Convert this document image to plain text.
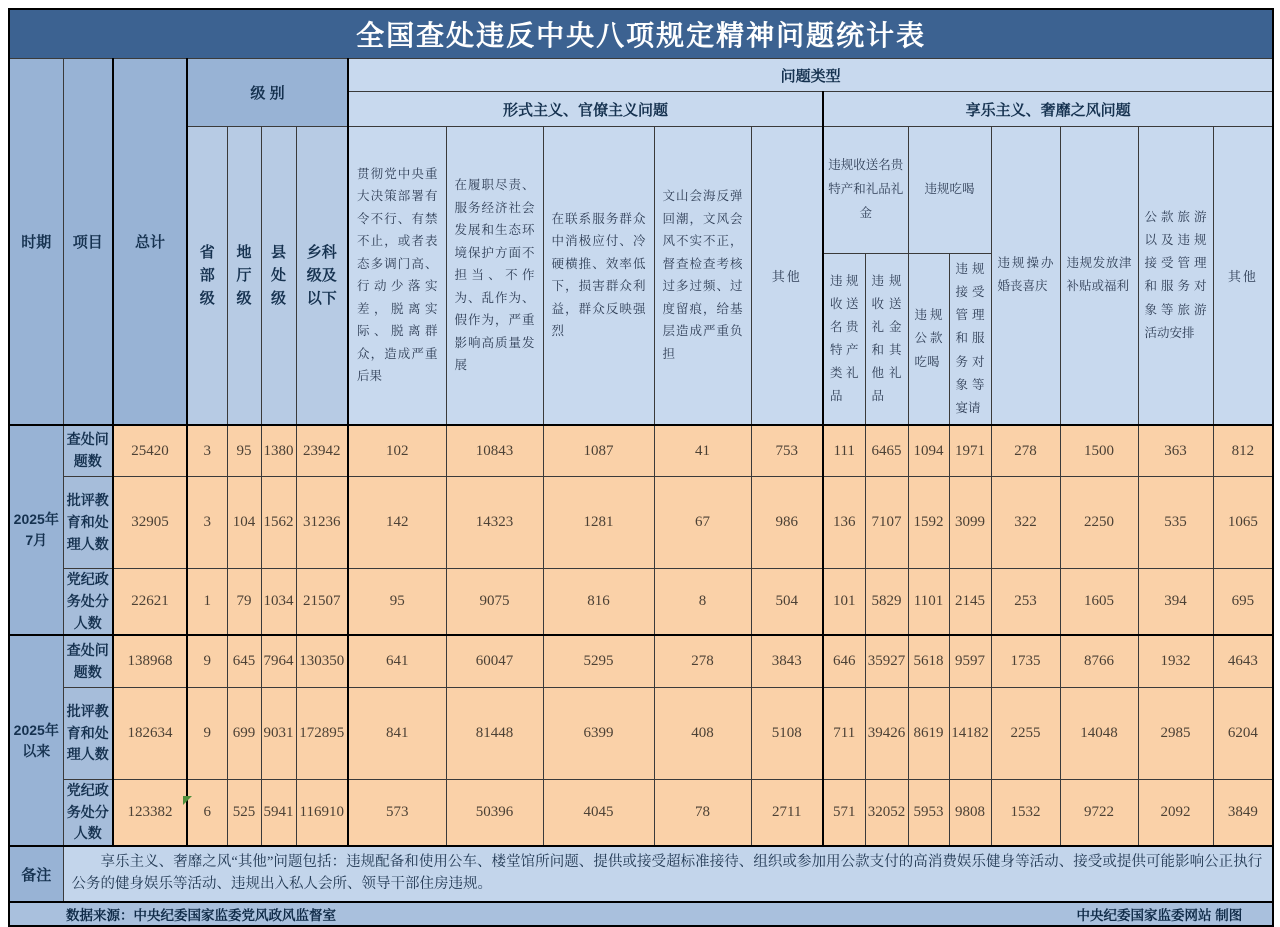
全国查处违反中央八项规定精神问题统计表																			
时期	项目	总计	级 别				问题类型												
							形式主义、官僚主义问题					享乐主义、奢靡之风问题							
			省部级	地厅级	县处级	乡科级及以下	贯彻党中央重大决策部署有令不行、有禁不止，或者表态多调门高、行动少落实差，脱离实际、脱离群众，造成严重后果	在履职尽责、服务经济社会发展和生态环境保护方面不担当、不作为、乱作为、假作为，严重影响高质量发展	在联系服务群众中消极应付、冷硬横推、效率低下，损害群众利益，群众反映强烈	文山会海反弹回潮，文风会风不实不正，督查检查考核过多过频、过度留痕，给基层造成严重负担	其他	违规收送名贵特产和礼品礼金		违规吃喝		违规操办婚丧喜庆	违规发放津补贴或福利	公款旅游以及违规接受管理和服务对象等旅游活动安排	其他
												违规收送名贵特产类礼品	违规收送礼金和其他礼品	违规公款吃喝	违规接受管理和服务对象等宴请				
2025年7月	查处问题数	25420	3	95	1380	23942	102	10843	1087	41	753	111	6465	1094	1971	278	1500	363	812
	批评教育和处理人数	32905	3	104	1562	31236	142	14323	1281	67	986	136	7107	1592	3099	322	2250	535	1065
	党纪政务处分人数	22621	1	79	1034	21507	95	9075	816	8	504	101	5829	1101	2145	253	1605	394	695
2025年以来	查处问题数	138968	9	645	7964	130350	641	60047	5295	278	3843	646	35927	5618	9597	1735	8766	1932	4643
	批评教育和处理人数	182634	9	699	9031	172895	841	81448	6399	408	5108	711	39426	8619	14182	2255	14048	2985	6204
	党纪政务处分人数	123382	6	525	5941	116910	573	50396	4045	78	2711	571	32052	5953	9808	1532	9722	2092	3849
备注	享乐主义、奢靡之风“其他”问题包括：违规配备和使用公车、楼堂馆所问题、提供或接受超标准接待、组织或参加用公款支付的高消费娱乐健身等活动、接受或提供可能影响公正执行公务的健身娱乐等活动、违规出入私人会所、领导干部住房违规。																		

数据来源：中央纪委国家监委党风政风监督室 中央纪委国家监委网站 制图																			
